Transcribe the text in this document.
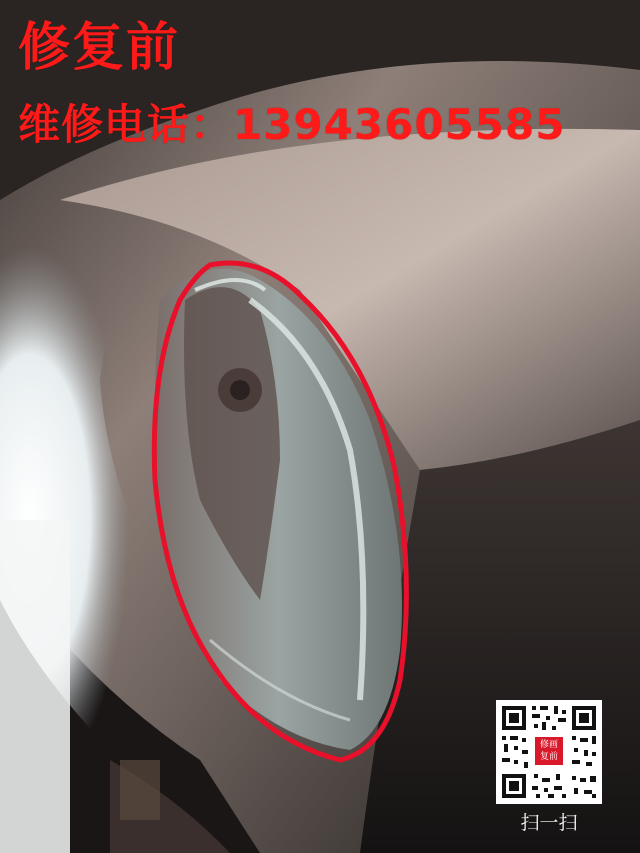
修复前
维修电话：13943605585
修画
复前
扫一扫
